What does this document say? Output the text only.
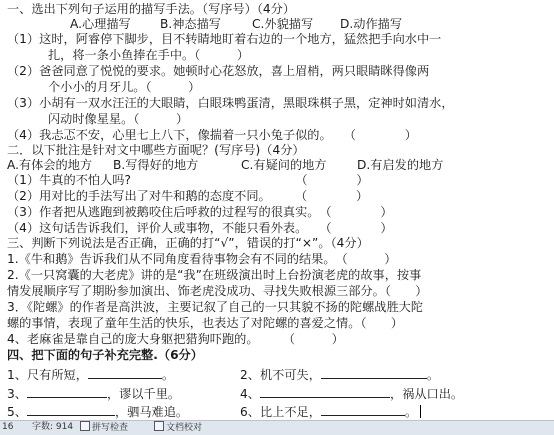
一、选出下列句子运用的描写手法。（写序号）（4分）
A.心理描写 B.神态描写	C.外貌描写 D.动作描写
（1）这时，阿睿停下脚步，目不转睛地盯着右边的一个地方，猛然把手向水中一
扎，将一条小鱼捧在手中。（　　　）
（2）爸爸同意了悦悦的要求。她顿时心花怒放，喜上眉梢，两只眼睛眯得像两
个小小的月牙儿。（　　　）
（3）小胡有一双水汪汪的大眼睛，白眼珠鸭蛋清，黑眼珠棋子黑，定神时如清水，
闪动时像星星。（　　　）
（4）我忐忑不安，心里七上八下，像揣着一只小兔子似的。　　（　　　　）
二．以下批注是针对文中哪些方面呢？(写序号)（4分）
A.有体会的地方 B.写得好的地方	C.有疑问的地方 D.有启发的地方
（1）牛真的不怕人吗?　　　　　　　　　　　　　　（　　　　）
（2）用对比的手法写出了对牛和鹅的态度不同。　　　（　　　　）
（3）作者把从逃跑到被鹅咬住后呼救的过程写的很真实。　（　　　　）
（4）这句话告诉我们，评价人或事物，不能只看外表。　　（　　　　）
三、判断下列说法是否正确，正确的打“√”，错误的打“×”。（4分）
1.《牛和鹅》告诉我们从不同角度看待事物会有不同的结果。　（　　　）
2.《一只窝囊的大老虎》讲的是“我”在班级演出时上台扮演老虎的故事，按事
情发展顺序写了期盼参加演出、饰老虎没成功、寻找失败根源三部分。（　　）
3．《陀螺》的作者是高洪波，主要记叙了自己的一只其貌不扬的陀螺战胜大陀
螺的事情，表现了童年生活的快乐，也表达了对陀螺的喜爱之情。（　　）
4、老麻雀是靠自己的庞大身躯把猎狗吓跑的。　　　（　　　）
四、把下面的句子补充完整.（6分）
1、尺有所短，	。	2、机不可失，	。
3、	，谬以千里。	4、	，祸从口出。
5、	，驷马难追。	6、比上不足，	。
16 字数: 914	拼写检查	文档校对
